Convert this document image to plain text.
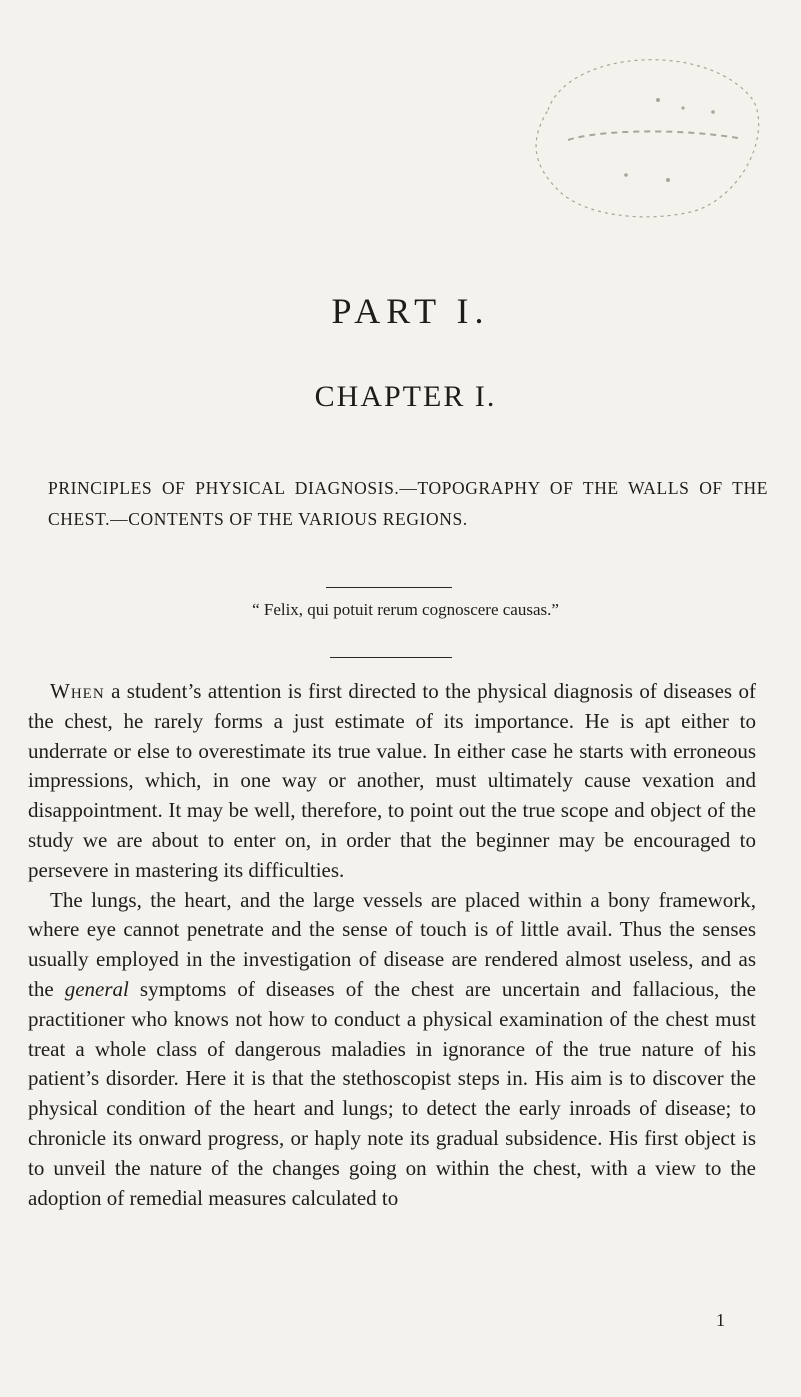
PART I.
CHAPTER I.
PRINCIPLES OF PHYSICAL DIAGNOSIS.—TOPOGRAPHY OF THE WALLS OF THE CHEST.—CONTENTS OF THE VARIOUS REGIONS.
“ Felix, qui potuit rerum cognoscere causas.”

When a student’s attention is first directed to the physical diagnosis of diseases of the chest, he rarely forms a just estimate of its importance. He is apt either to underrate or else to overestimate its true value. In either case he starts with erroneous impressions, which, in one way or another, must ultimately cause vexation and disappointment. It may be well, therefore, to point out the true scope and object of the study we are about to enter on, in order that the beginner may be encouraged to persevere in mastering its difficulties.

The lungs, the heart, and the large vessels are placed within a bony framework, where eye cannot penetrate and the sense of touch is of little avail. Thus the senses usually employed in the investigation of disease are rendered almost useless, and as the general symptoms of diseases of the chest are uncertain and fallacious, the practitioner who knows not how to conduct a physical examination of the chest must treat a whole class of dangerous maladies in ignorance of the true nature of his patient’s disorder. Here it is that the stethoscopist steps in. His aim is to discover the physical condition of the heart and lungs; to detect the early inroads of disease; to chronicle its onward progress, or haply note its gradual subsidence. His first object is to unveil the nature of the changes going on within the chest, with a view to the adoption of remedial measures calculated to

1
